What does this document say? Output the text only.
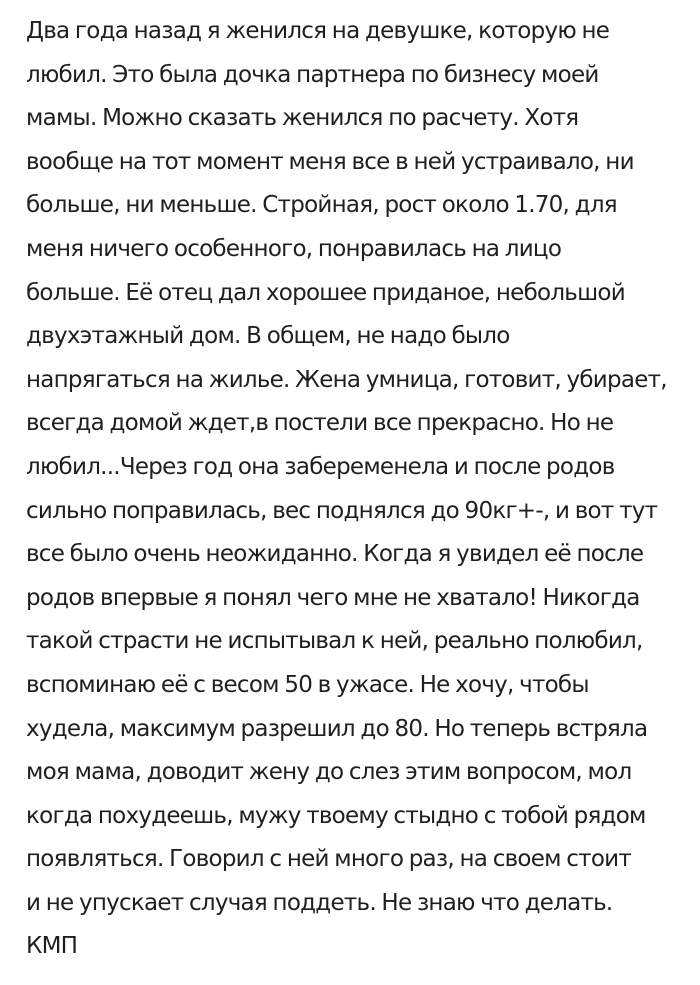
Два года назад я женился на девушке, которую не
любил. Это была дочка партнера по бизнесу моей
мамы. Можно сказать женился по расчету. Хотя
вообще на тот момент меня все в ней устраивало, ни
больше, ни меньше. Стройная, рост около 1.70, для
меня ничего особенного, понравилась на лицо
больше. Её отец дал хорошее приданое, небольшой
двухэтажный дом. В общем, не надо было
напрягаться на жилье. Жена умница, готовит, убирает,
всегда домой ждет,в постели все прекрасно. Но не
любил...Через год она забеременела и после родов
сильно поправилась, вес поднялся до 90кг+-, и вот тут
все было очень неожиданно. Когда я увидел её после
родов впервые я понял чего мне не хватало! Никогда
такой страсти не испытывал к ней, реально полюбил,
вспоминаю её с весом 50 в ужасе. Не хочу, чтобы
худела, максимум разрешил до 80. Но теперь встряла
моя мама, доводит жену до слез этим вопросом, мол
когда похудеешь, мужу твоему стыдно с тобой рядом
появляться. Говорил с ней много раз, на своем стоит
и не упускает случая поддеть. Не знаю что делать.
КМП
